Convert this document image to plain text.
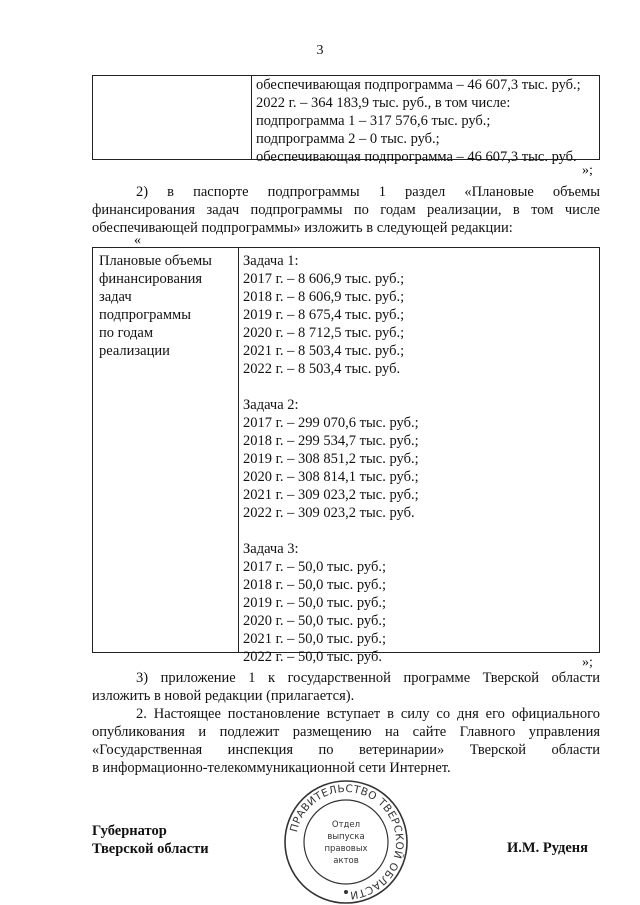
3
обеспечивающая подпрограмма – 46 607,3 тыс. руб.;
2022 г. – 364 183,9 тыс. руб., в том числе:
подпрограмма 1 – 317 576,6 тыс. руб.;
подпрограмма 2 – 0 тыс. руб.;
обеспечивающая подпрограмма – 46 607,3 тыс. руб.
»;
2) в паспорте подпрограммы 1 раздел «Плановые объемы
финансирования задач подпрограммы по годам реализации, в том числе
обеспечивающей подпрограммы» изложить в следующей редакции:
«
Плановые объемы
финансирования
задач
подпрограммы
по годам
реализации
Задача 1:
2017 г. – 8 606,9 тыс. руб.;
2018 г. – 8 606,9 тыс. руб.;
2019 г. – 8 675,4 тыс. руб.;
2020 г. – 8 712,5 тыс. руб.;
2021 г. – 8 503,4 тыс. руб.;
2022 г. – 8 503,4 тыс. руб.
Задача 2:
2017 г. – 299 070,6 тыс. руб.;
2018 г. – 299 534,7 тыс. руб.;
2019 г. – 308 851,2 тыс. руб.;
2020 г. – 308 814,1 тыс. руб.;
2021 г. – 309 023,2 тыс. руб.;
2022 г. – 309 023,2 тыс. руб.
Задача 3:
2017 г. – 50,0 тыс. руб.;
2018 г. – 50,0 тыс. руб.;
2019 г. – 50,0 тыс. руб.;
2020 г. – 50,0 тыс. руб.;
2021 г. – 50,0 тыс. руб.;
2022 г. – 50,0 тыс. руб.	»;
3) приложение 1 к государственной программе Тверской области
изложить в новой редакции (прилагается).
2. Настоящее постановление вступает в силу со дня его официального
опубликования и подлежит размещению на сайте Главного управления
«Государственная инспекция по ветеринарии» Тверской области
в информационно-телекоммуникационной сети Интернет.
Губернатор
Тверской области	И.М. Руденя
ПРАВИТЕЛЬСТВО ТВЕРСКОЙ ОБЛАСТИ
Отдел
выпуска
правовых
актов
